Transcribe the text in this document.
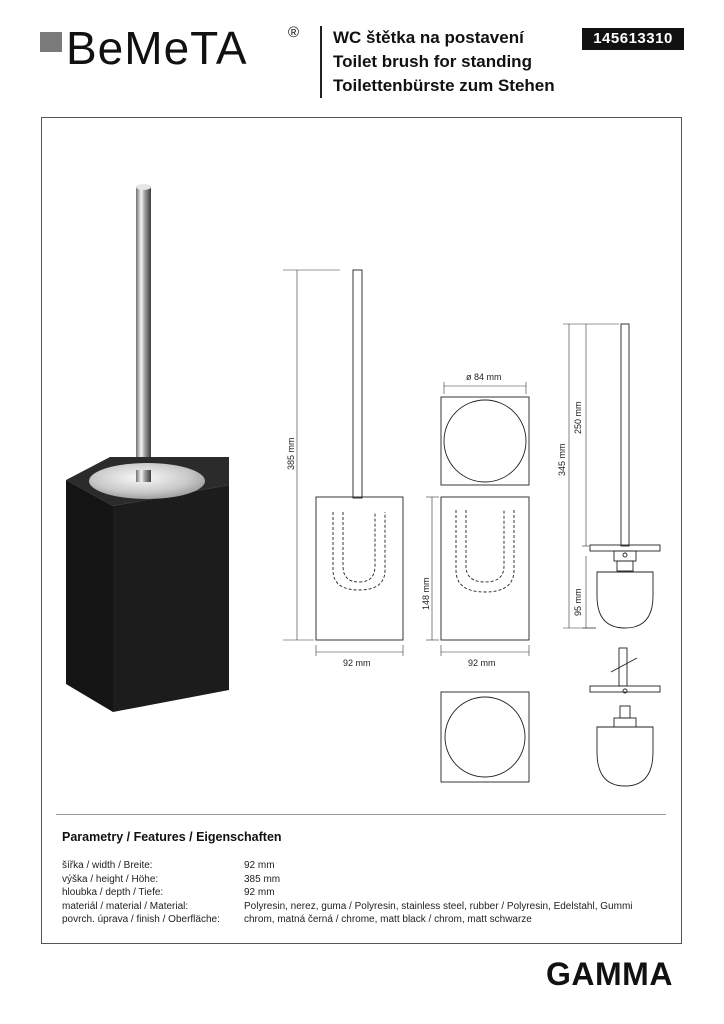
BeMeTA	® WC štětka na postavení
Toilet brush for standing
Toilettenbürste zum Stehen
145613310
385 mm
92 mm
ø 84 mm
148 mm
92 mm
345 mm
250 mm
95 mm
Parametry / Features / Eigenschaften
šířka / width / Breite:	92 mm
výška / height / Höhe:	385 mm
hloubka / depth / Tiefe:	92 mm
materiál / material / Material:	Polyresin, nerez, guma / Polyresin, stainless steel, rubber / Polyresin, Edelstahl, Gummi
povrch. úprava / finish / Oberfläche: chrom, matná černá / chrome, matt black / chrom, matt schwarze
GAMMA
